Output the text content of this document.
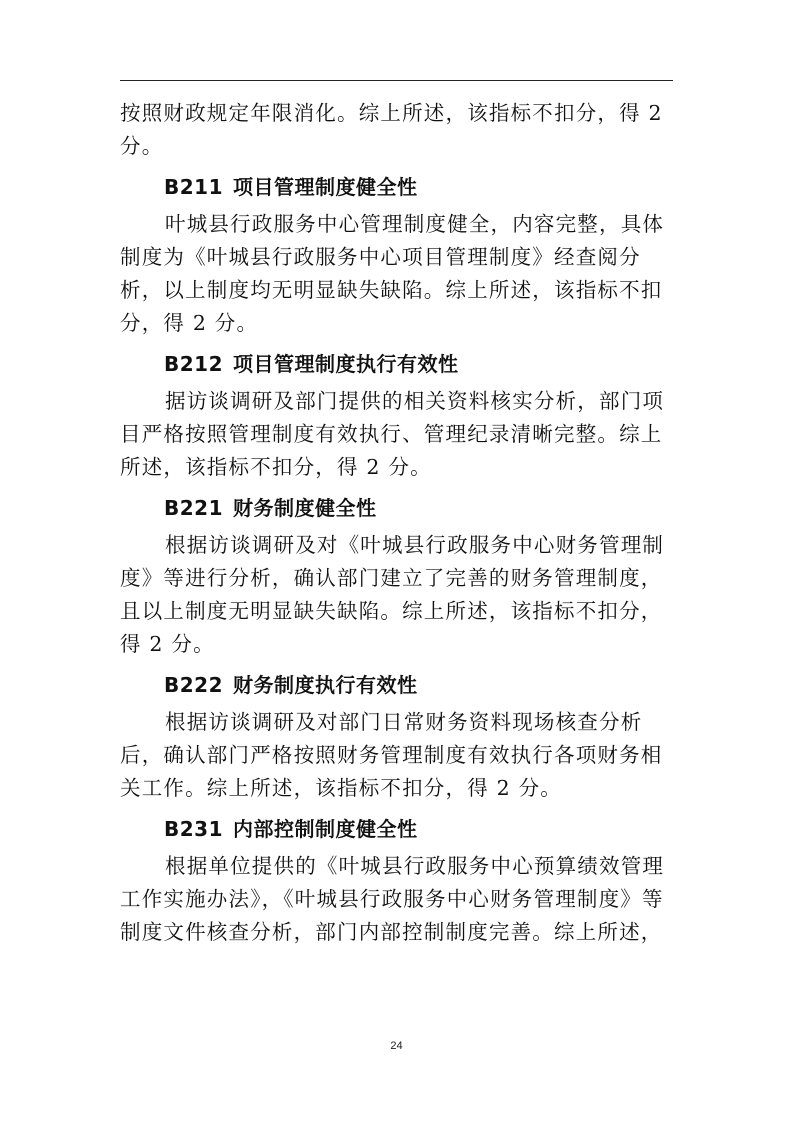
按照财政规定年限消化。综上所述，该指标不扣分，得 2 分。

B211 项目管理制度健全性

叶城县行政服务中心管理制度健全，内容完整，具体制度为《叶城县行政服务中心项目管理制度》经查阅分析，以上制度均无明显缺失缺陷。综上所述，该指标不扣分，得 2 分。

B212 项目管理制度执行有效性

据访谈调研及部门提供的相关资料核实分析，部门项目严格按照管理制度有效执行、管理纪录清晰完整。综上所述，该指标不扣分，得 2 分。

B221 财务制度健全性

根据访谈调研及对《叶城县行政服务中心财务管理制度》等进行分析，确认部门建立了完善的财务管理制度，且以上制度无明显缺失缺陷。综上所述，该指标不扣分，得 2 分。

B222 财务制度执行有效性

根据访谈调研及对部门日常财务资料现场核查分析后，确认部门严格按照财务管理制度有效执行各项财务相关工作。综上所述，该指标不扣分，得 2 分。

B231 内部控制制度健全性

根据单位提供的《叶城县行政服务中心预算绩效管理工作实施办法》，《叶城县行政服务中心财务管理制度》等制度文件核查分析，部门内部控制制度完善。综上所述，

24
